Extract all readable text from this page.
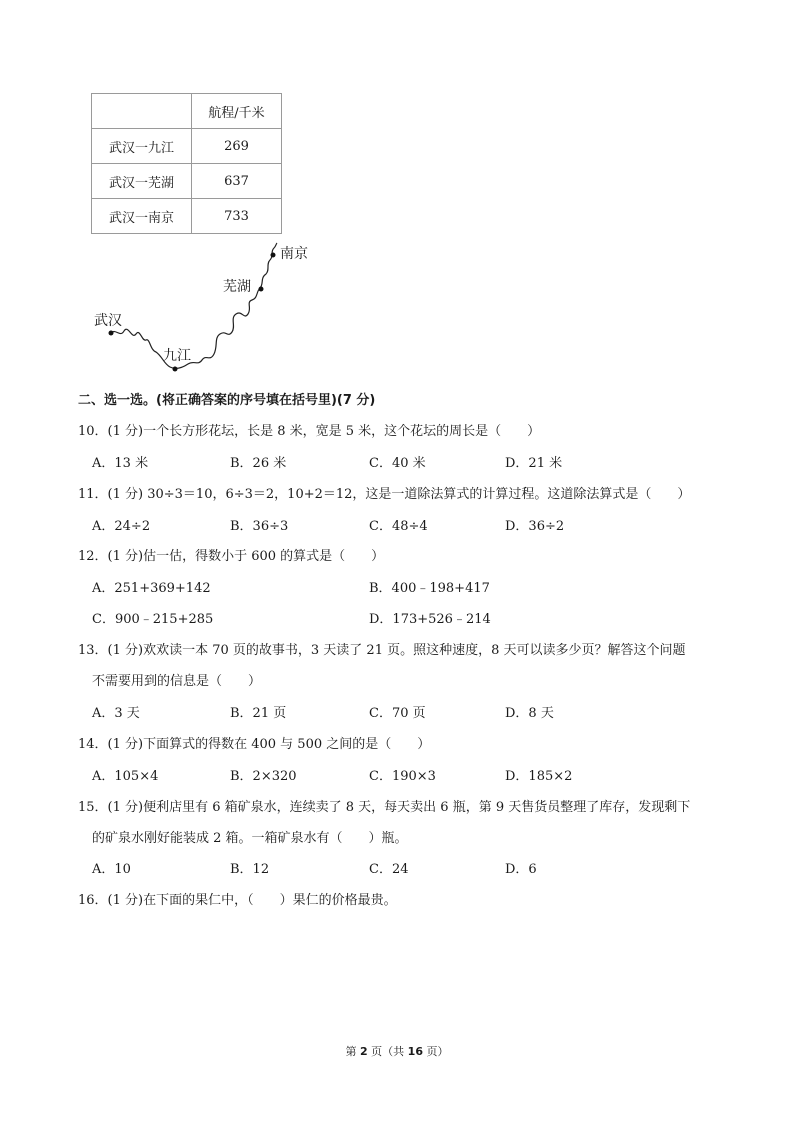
	航程/千米
武汉一九江	269
武汉一芜湖	637
武汉一南京	733
武汉
九江
芜湖
南京
二、选一选。(将正确答案的序号填在括号里)(7 分)
10．(1 分)一个长方形花坛，长是 8 米，宽是 5 米，这个花坛的周长是（　　）
A．13 米	B．26 米	C．40 米	D．21 米
11．(1 分) 30÷3＝10，6÷3＝2，10+2＝12，这是一道除法算式的计算过程。这道除法算式是（　　）
A．24÷2	B．36÷3	C．48÷4	D．36÷2
12．(1 分)估一估，得数小于 600 的算式是（　　）
A．251+369+142	B．400﹣198+417
C．900﹣215+285	D．173+526﹣214
13．(1 分)欢欢读一本 70 页的故事书，3 天读了 21 页。照这种速度，8 天可以读多少页？解答这个问题
不需要用到的信息是（　　）
A．3 天	B．21 页	C．70 页	D．8 天
14．(1 分)下面算式的得数在 400 与 500 之间的是（　　）
A．105×4	B．2×320	C．190×3	D．185×2
15．(1 分)便利店里有 6 箱矿泉水，连续卖了 8 天，每天卖出 6 瓶，第 9 天售货员整理了库存，发现剩下
的矿泉水刚好能装成 2 箱。一箱矿泉水有（　　）瓶。
A．10	B．12	C．24	D．6
16．(1 分)在下面的果仁中，（　　）果仁的价格最贵。
第 2 页（共 16 页）
